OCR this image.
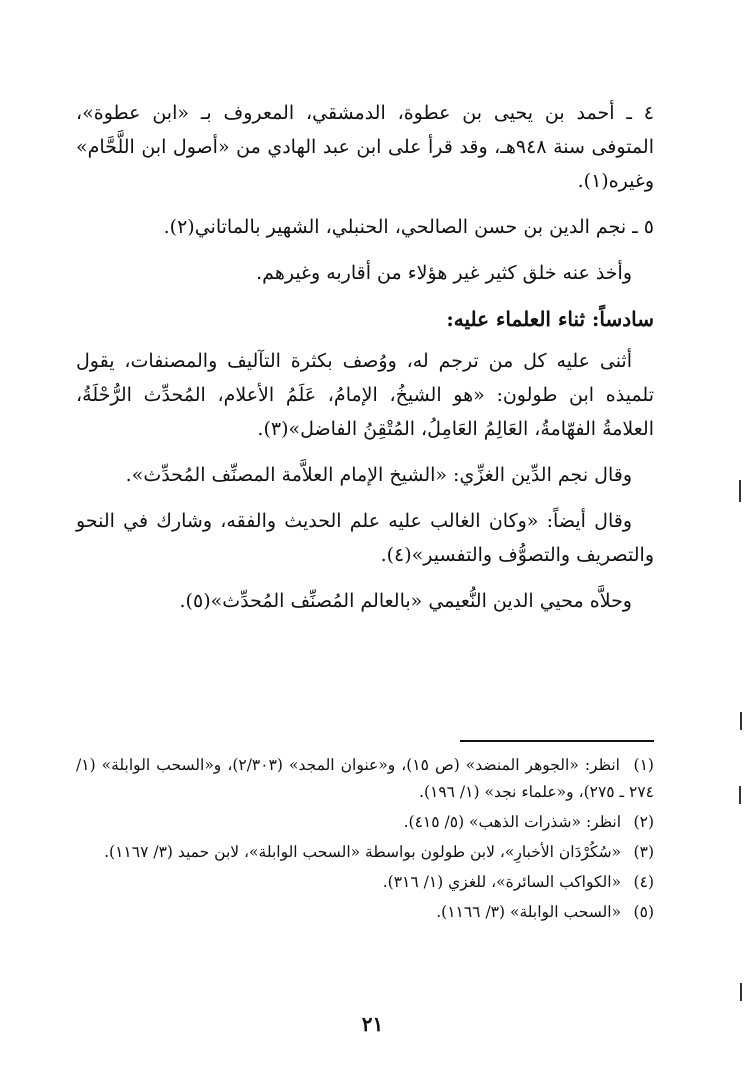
٤ ـ أحمد بن يحيى بن عطوة، الدمشقي، المعروف بـ «ابن عطوة»، المتوفى سنة ٩٤٨هـ، وقد قرأ على ابن عبد الهادي من «أصول ابن اللَّحَّام» وغيره(١).

٥ ـ نجم الدين بن حسن الصالحي، الحنبلي، الشهير بالماتاني(٢).

وأخذ عنه خلق كثير غير هؤلاء من أقاربه وغيرهم.

سادساً: ثناء العلماء عليه:

أثنى عليه كل من ترجم له، ووُصف بكثرة التآليف والمصنفات، يقول تلميذه ابن طولون: «هو الشيخُ، الإمامُ، عَلَمُ الأعلام، المُحدِّث الرُّحْلَةُ، العلامةُ الفهّامةُ، العَالِمُ العَامِلُ، المُتْقِنُ الفاضل»(٣).

وقال نجم الدِّين الغزِّي: «الشيخ الإمام العلاَّمة المصنِّف المُحدِّث».

وقال أيضاً: «وكان الغالب عليه علم الحديث والفقه، وشارك في النحو والتصريف والتصوُّف والتفسير»(٤).

وحلاَّه محيي الدين النُّعيمي «بالعالم المُصنِّف المُحدِّث»(٥).

(١) انظر: «الجوهر المنضد» (ص ١٥)، و«عنوان المجد» (٢/٣٠٣)، و«السحب الوابلة» (١/ ٢٧٤ ـ ٢٧٥)، و«علماء نجد» (١/ ١٩٦).

(٢) انظر: «شذرات الذهب» (٥/ ٤١٥).

(٣) «سُكُرْدَان الأخبارِ»، لابن طولون بواسطة «السحب الوابلة»، لابن حميد (٣/ ١١٦٧).

(٤) «الكواكب السائرة»، للغزي (١/ ٣١٦).

(٥) «السحب الوابلة» (٣/ ١١٦٦).

٢١
